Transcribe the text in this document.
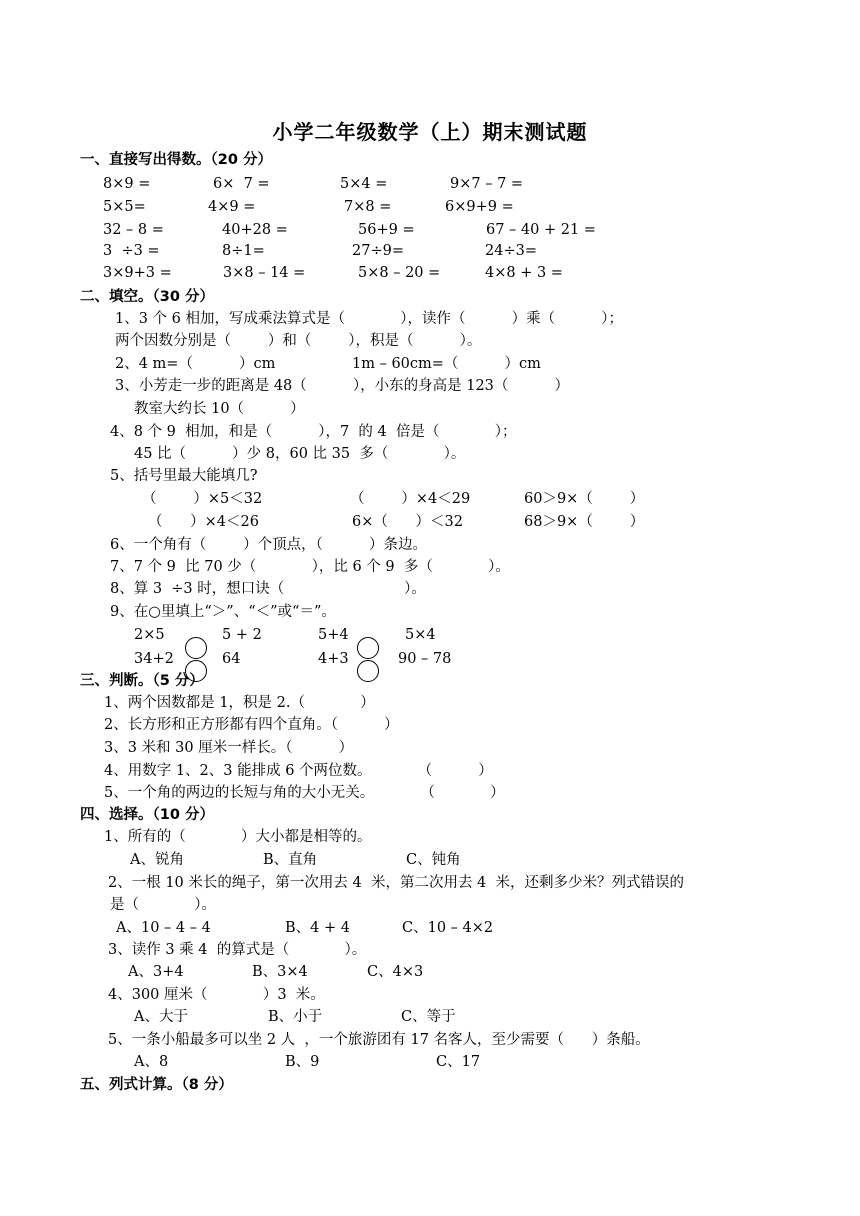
小学二年级数学（上）期末测试题
一、直接写出得数。（20 分）
8×9 =	6×  7 =	5×4 =	9×7 – 7 =
5×5=	4×9 =	7×8 =	6×9+9 =
32 – 8 =	40+28 =	56+9 =	67 – 40 + 21 =
3  ÷3 =	8÷1=	27÷9=	24÷3=
3×9+3 =	3×8 – 14 =	5×8 – 20 =	4×8 + 3 =
二、填空。（30 分）
1、3 个 6 相加，写成乘法算式是（            ），读作（          ）乘（          ）；
两个因数分别是（        ）和（        ），积是（          ）。
2、4 m=（          ）cm	1m – 60cm=（          ）cm
3、小芳走一步的距离是 48（          ），小东的身高是 123（          ）
教室大约长 10（          ）
4、8 个 9  相加，和是（          ），7  的 4  倍是（            ）；
45 比（          ）少 8，60 比 35  多（            ）。
5、括号里最大能填几?
（        ）×5＜32	（        ）×4＜29	60＞9×（        ）
（      ）×4＜26	6×（      ）＜32	68＞9×（        ）
6、一个角有（        ）个顶点，（          ）条边。
7、7 个 9  比 70 少（            ），比 6 个 9  多（            ）。
8、算 3  ÷3 时，想口诀（                          ）。
9、在○里填上“＞”、“＜”或“＝”。
2×5	5 + 2	5+4	5×4
34+2	64	4+3	90 – 78
三、判断。（5 分）
1、两个因数都是 1，积是 2.（            ）
2、长方形和正方形都有四个直角。（          ）
3、3 米和 30 厘米一样长。（          ）
4、用数字 1、2、3 能排成 6 个两位数。          （          ）
5、一个角的两边的长短与角的大小无关。          （            ）
四、选择。（10 分）
1、所有的（            ）大小都是相等的。
A、锐角	B、直角	C、钝角
2、一根 10 米长的绳子，第一次用去 4  米，第二次用去 4  米，还剩多少米？列式错误的
是（            ）。
A、10 – 4 – 4	B、4 + 4	C、10 – 4×2
3、读作 3 乘 4  的算式是（            ）。
A、3+4	B、3×4	C、4×3
4、300 厘米（            ）3  米。
A、大于	B、小于	C、等于
5、一条小船最多可以坐 2 人  ，一个旅游团有 17 名客人，至少需要（      ）条船。
A、8	B、9	C、17
五、列式计算。（8 分）
